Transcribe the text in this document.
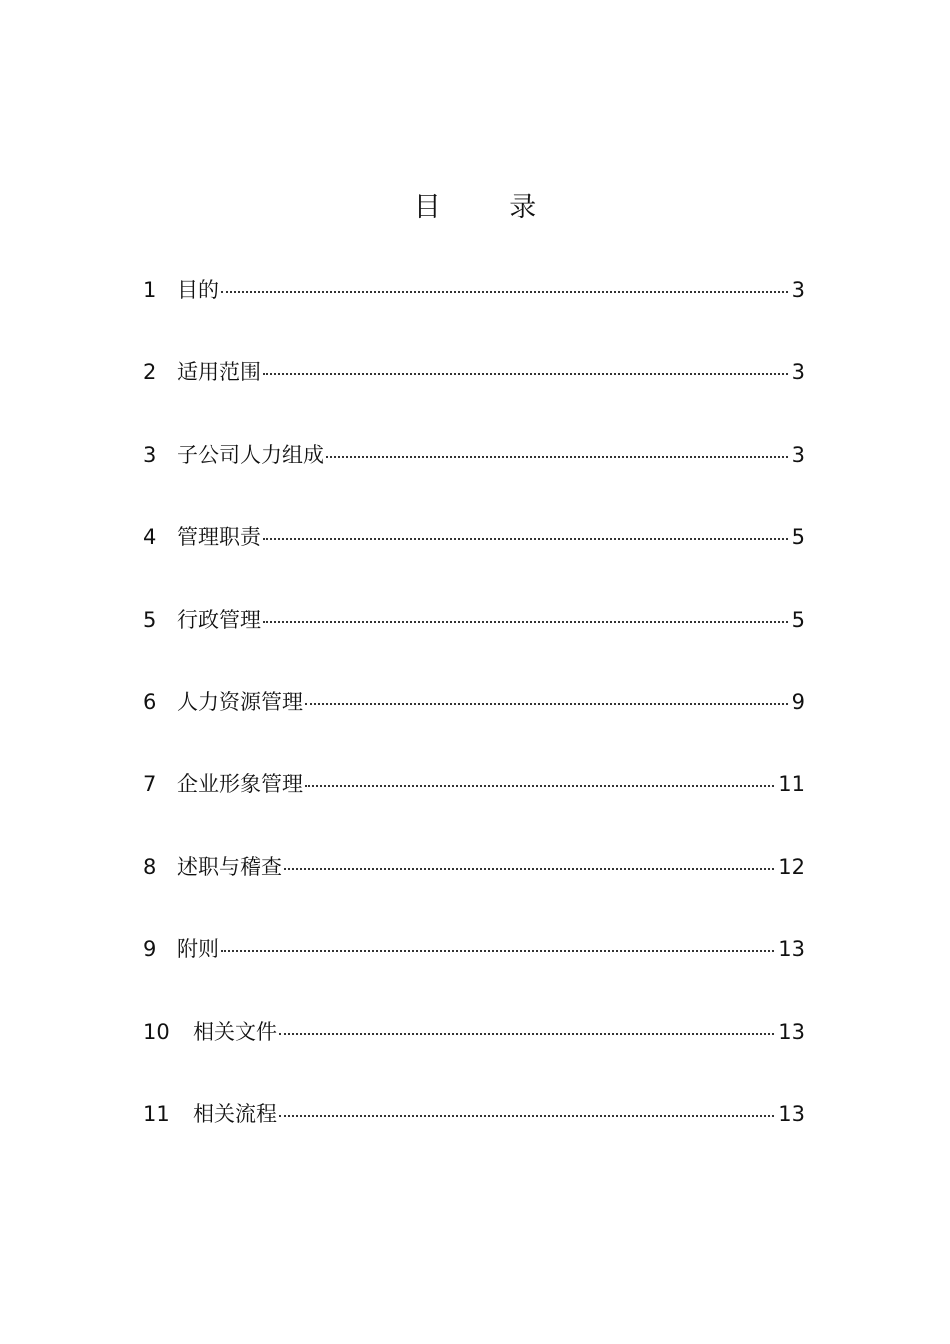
目 录
1 目的	3
2 适用范围	3
3 子公司人力组成	3
4 管理职责	5
5 行政管理	5
6 人力资源管理	9
7 企业形象管理	11
8 述职与稽查	12
9 附则	13
10	相关文件	13
11	相关流程	13
